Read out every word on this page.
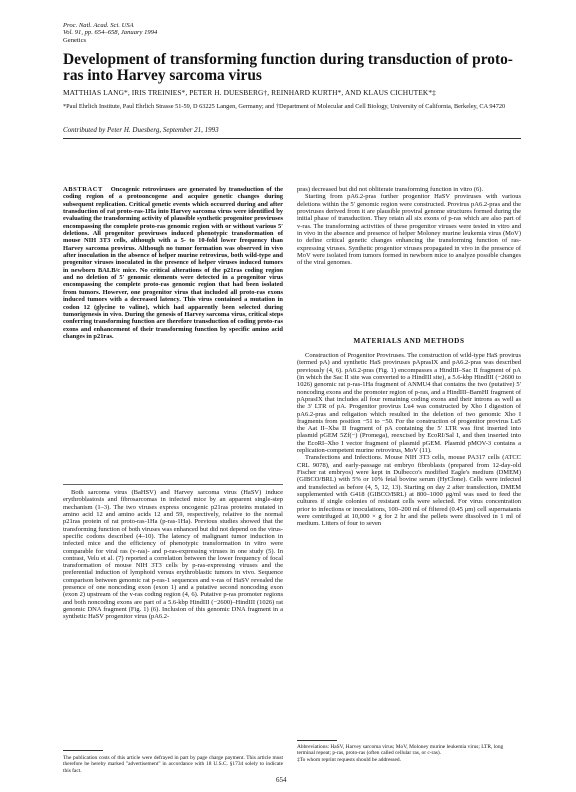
Proc. Natl. Acad. Sci. USA
Vol. 91, pp. 654–658, January 1994
Genetics
Development of transforming function during transduction of proto-ras into Harvey sarcoma virus
MATTHIAS LANG*, IRIS TREINIES*, PETER H. DUESBERG†, REINHARD KURTH*, AND KLAUS CICHUTEK*‡
*Paul Ehrlich Institute, Paul Ehrlich Strasse 51-59, D 63225 Langen, Germany; and †Department of Molecular and Cell Biology, University of California, Berkeley, CA 94720
Contributed by Peter H. Duesberg, September 21, 1993

ABSTRACT Oncogenic retroviruses are generated by transduction of the coding region of a protooncogene and acquire genetic changes during subsequent replication. Critical genetic events which occurred during and after transduction of rat proto-ras-1Ha into Harvey sarcoma virus were identified by evaluating the transforming activity of plausible synthetic progenitor proviruses encompassing the complete proto-ras genomic region with or without various 5′ deletions. All progenitor proviruses induced phenotypic transformation of mouse NIH 3T3 cells, although with a 5- to 10-fold lower frequency than Harvey sarcoma provirus. Although no tumor formation was observed in vivo after inoculation in the absence of helper murine retrovirus, both wild-type and progenitor viruses inoculated in the presence of helper viruses induced tumors in newborn BALB/c mice. No critical alterations of the p21ras coding region and no deletion of 5′ genomic elements were detected in a progenitor virus encompassing the complete proto-ras genomic region that had been isolated from tumors. However, one progenitor virus that included all proto-ras exons induced tumors with a decreased latency. This virus contained a mutation in codon 12 (glycine to valine), which had apparently been selected during tumorigenesis in vivo. During the genesis of Harvey sarcoma virus, critical steps conferring transforming function are therefore transduction of coding proto-ras exons and enhancement of their transforming function by specific amino acid changes in p21ras.

Both sarcoma virus (BaHSV) and Harvey sarcoma virus (HaSV) induce erythroblastosis and fibrosarcomas in infected mice by an apparent single-step mechanism (1–3). The two viruses express oncogenic p21ras proteins mutated in amino acid 12 and amino acids 12 and 59, respectively, relative to the normal p21ras protein of rat proto-ras-1Ha (p-ras-1Ha). Previous studies showed that the transforming function of both viruses was enhanced but did not depend on the virus-specific codons described (4–10). The latency of malignant tumor induction in infected mice and the efficiency of phenotypic transformation in vitro were comparable for viral ras (v-ras)- and p-ras-expressing viruses in one study (5). In contrast, Velu et al. (7) reported a correlation between the lower frequency of focal transformation of mouse NIH 3T3 cells by p-ras-expressing viruses and the preferential induction of lymphoid versus erythroblastic tumors in vivo. Sequence comparison between genomic rat p-ras-1 sequences and v-ras of HaSV revealed the presence of one noncoding exon (exon 1) and a putative second noncoding exon (exon 2) upstream of the v-ras coding region (4, 6). Putative p-ras promoter regions and both noncoding exons are part of a 5.6-kbp HindIII (−2600)–HindIII (1026) rat genomic DNA fragment (Fig. 1) (6). Inclusion of this genomic DNA fragment in a synthetic HaSV progenitor virus (pA6.2-

pras) decreased but did not obliterate transforming function in vitro (6).

Starting from pA6.2-pras further progenitor HaSV proviruses with various deletions within the 5′ genomic region were constructed. Provirus pA6.2-pras and the proviruses derived from it are plausible proviral genome structures formed during the initial phase of transduction. They retain all six exons of p-ras which are also part of v-ras. The transforming activities of these progenitor viruses were tested in vitro and in vivo in the absence and presence of helper Moloney murine leukemia virus (MoV) to define critical genetic changes enhancing the transforming function of ras-expressing viruses. Synthetic progenitor viruses propagated in vivo in the presence of MoV were isolated from tumors formed in newborn mice to analyze possible changes of the viral genomes.

MATERIALS AND METHODS

Construction of Progenitor Proviruses. The construction of wild-type HaS provirus (termed pA) and synthetic HaS proviruses pAprasIX and pA6.2-pras was described previously (4, 6). pA6.2-pras (Fig. 1) encompasses a HindIII–Sac II fragment of pA (in which the Sac II site was converted to a HindIII site), a 5.6-kbp HindIII (−2600 to 1026) genomic rat p-ras-1Ha fragment of ANMU4 that contains the two (putative) 5′ noncoding exons and the promoter region of p-ras, and a HindIII–BamHI fragment of pAprasIX that includes all four remaining coding exons and their introns as well as the 3′ LTR of pA. Progenitor provirus Lu4 was constructed by Xho I digestion of pA6.2-pras and religation which resulted in the deletion of two genomic Xho I fragments from position −51 to −50. For the construction of progenitor provirus Lu5 the Aat II–Xba II fragment of pA containing the 5′ LTR was first inserted into plasmid pGEM 5Zf(−) (Promega), reexcised by EcoRI/Sal I, and then inserted into the EcoRI–Xho I vector fragment of plasmid pGEM. Plasmid pMOV-3 contains a replication-competent murine retrovirus, MoV (11).

Transfections and Infections. Mouse NIH 3T3 cells, mouse PA317 cells (ATCC CRL 9078), and early-passage rat embryo fibroblasts (prepared from 12-day-old Fischer rat embryos) were kept in Dulbecco's modified Eagle's medium (DMEM) (GIBCO/BRL) with 5% or 10% fetal bovine serum (HyClone). Cells were infected and transfected as before (4, 5, 12, 13). Starting on day 2 after transfection, DMEM supplemented with G418 (GIBCO/BRL) at 800–1000 μg/ml was used to feed the cultures if single colonies of resistant cells were selected. For virus concentration prior to infections or inoculations, 100–200 ml of filtered (0.45 μm) cell supernatants were centrifuged at 10,000 × g for 2 hr and the pellets were dissolved in 1 ml of medium. Litters of four to seven

The publication costs of this article were defrayed in part by page charge payment. This article must therefore be hereby marked "advertisement" in accordance with 18 U.S.C. §1734 solely to indicate this fact.
Abbreviations: HaSV, Harvey sarcoma virus; MoV, Moloney murine leukemia virus; LTR, long terminal repeat; p-ras, proto-ras (often called cellular ras, or c-ras).
‡To whom reprint requests should be addressed.
654
